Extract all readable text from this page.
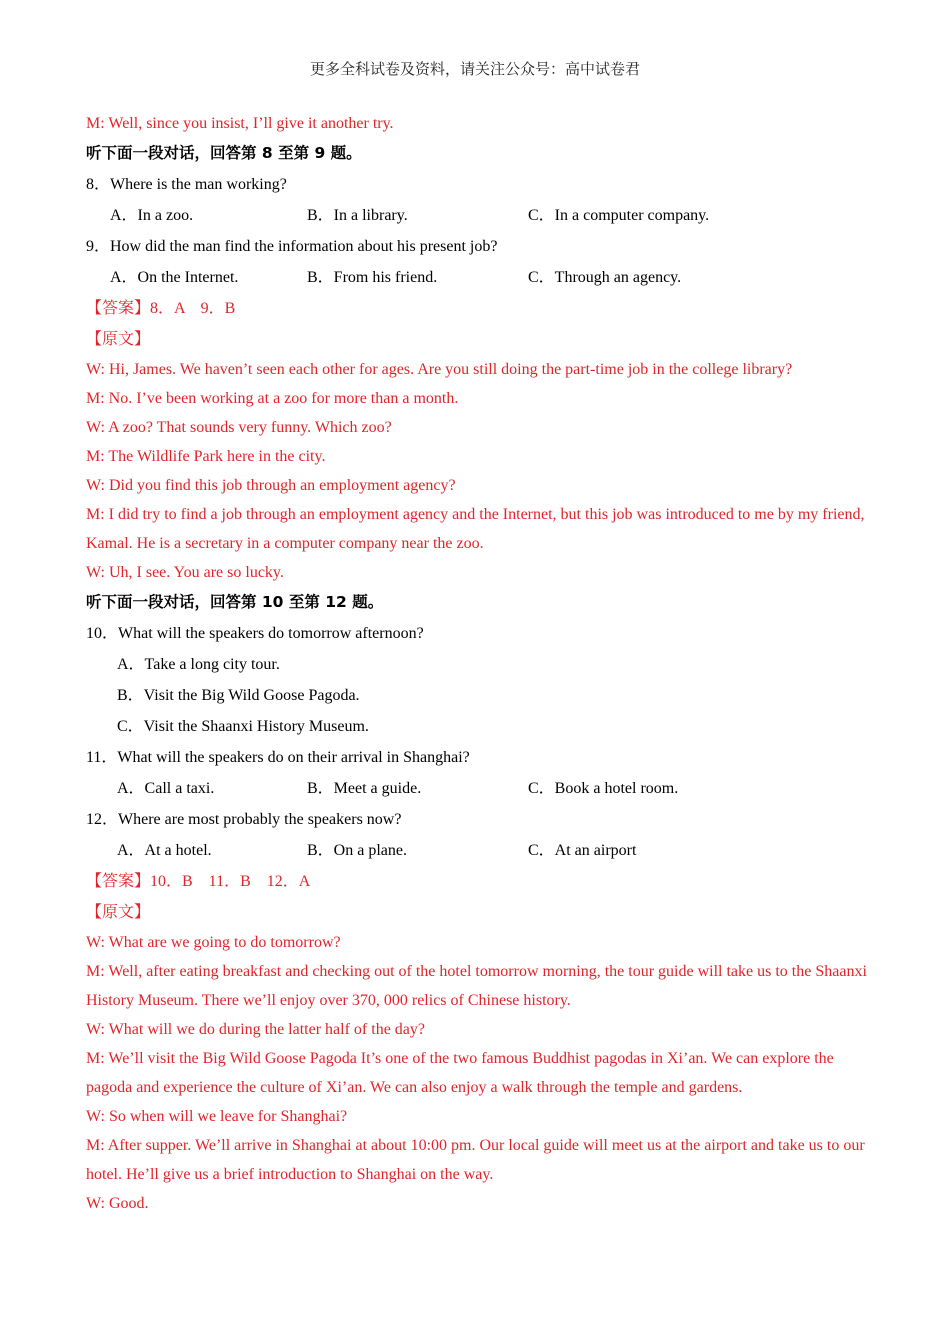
更多全科试卷及资料，请关注公众号：高中试卷君

M: Well, since you insist, I’ll give it another try.

听下面一段对话，回答第 8 至第 9 题。

8．Where is the man working?

A．In a zoo.	B．In a library.	C．In a computer company.

9．How did the man find the information about his present job?

A．On the Internet.	B．From his friend.	C．Through an agency.

【答案】8．A　9．B

【原文】

W: Hi, James. We haven’t seen each other for ages. Are you still doing the part-time job in the college library?

M: No. I’ve been working at a zoo for more than a month.

W: A zoo? That sounds very funny. Which zoo?

M: The Wildlife Park here in the city.

W: Did you find this job through an employment agency?

M: I did try to find a job through an employment agency and the Internet, but this job was introduced to me by my friend, Kamal. He is a secretary in a computer company near the zoo.

W: Uh, I see. You are so lucky.

听下面一段对话，回答第 10 至第 12 题。

10．What will the speakers do tomorrow afternoon?

A．Take a long city tour.

B．Visit the Big Wild Goose Pagoda.

C．Visit the Shaanxi History Museum.

11．What will the speakers do on their arrival in Shanghai?

A．Call a taxi.	B．Meet a guide.	C．Book a hotel room.

12．Where are most probably the speakers now?

A．At a hotel.	B．On a plane.	C．At an airport

【答案】10．B　11．B　12．A

【原文】

W: What are we going to do tomorrow?

M: Well, after eating breakfast and checking out of the hotel tomorrow morning, the tour guide will take us to the Shaanxi History Museum. There we’ll enjoy over 370, 000 relics of Chinese history.

W: What will we do during the latter half of the day?

M: We’ll visit the Big Wild Goose Pagoda It’s one of the two famous Buddhist pagodas in Xi’an. We can explore the pagoda and experience the culture of Xi’an. We can also enjoy a walk through the temple and gardens.

W: So when will we leave for Shanghai?

M: After supper. We’ll arrive in Shanghai at about 10:00 pm. Our local guide will meet us at the airport and take us to our hotel. He’ll give us a brief introduction to Shanghai on the way.

W: Good.
